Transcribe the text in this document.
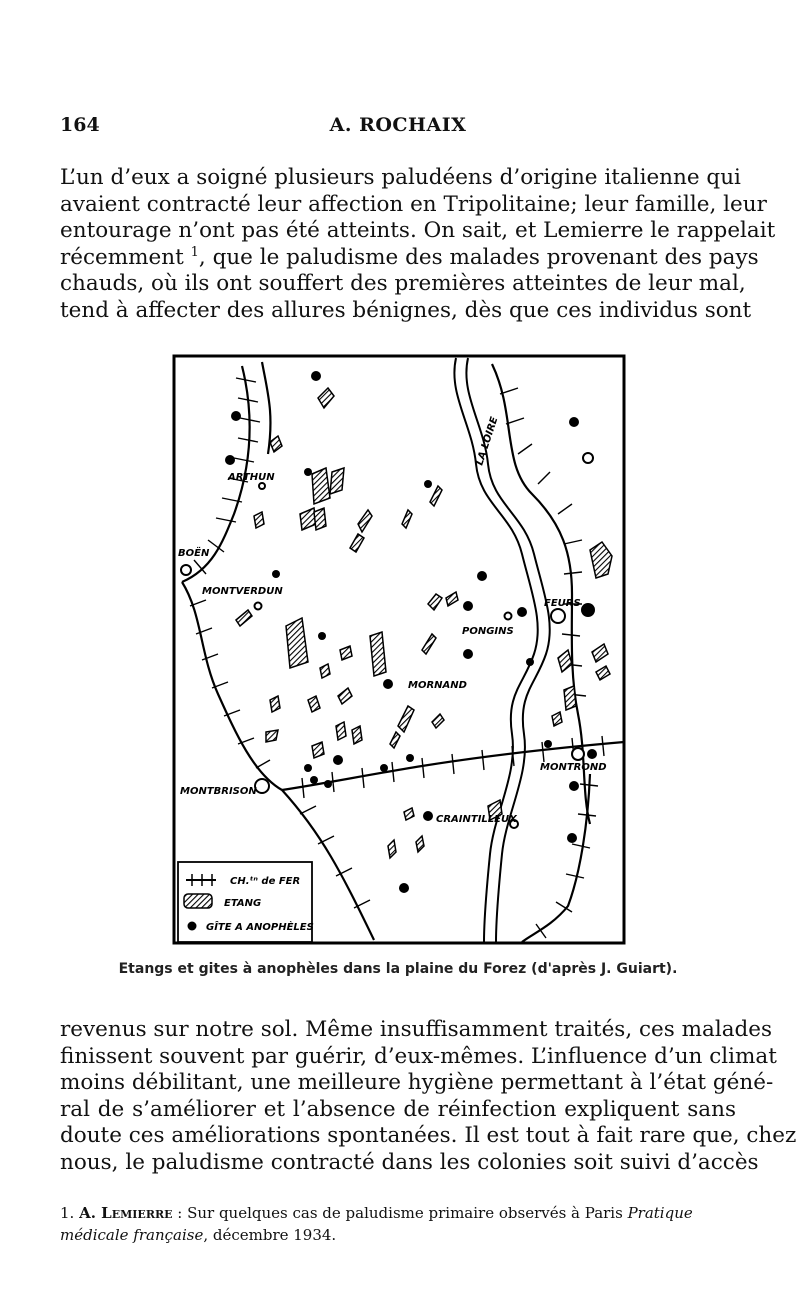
164	A. ROCHAIX
L’un d’eux a soigné plusieurs paludéens d’origine italienne qui
avaient contracté leur affection en Tripolitaine; leur famille, leur
entourage n’ont pas été atteints. On sait, et Lemierre le rappelait
récemment $^1$, que le paludisme des malades provenant des pays
chauds, où ils ont souffert des premières atteintes de leur mal,
tend à affecter des allures bénignes, dès que ces individus sont
ARTHUN
BOËN
MONTVERDUN
PONGINS
MORNAND
FEURS
MONTROND
MONTBRISON
CRAINTILLEUX
LA LOIRE
CH.ᵗⁿ de FER
ETANG
GÎTE A ANOPHÈLES
Etangs et gites à anophèles dans la plaine du Forez (d'après J. Guiart).
revenus sur notre sol. Même insuffisamment traités, ces malades
finissent souvent par guérir, d’eux-mêmes. L’influence d’un climat
moins débilitant, une meilleure hygiène permettant à l’état géné-
ral de s’améliorer et l’absence de réinfection expliquent sans
doute ces améliorations spontanées. Il est tout à fait rare que, chez
nous, le paludisme contracté dans les colonies soit suivi d’accès
1. A. Lemierre : Sur quelques cas de paludisme primaire observés à Paris Pratique
médicale française, décembre 1934.
